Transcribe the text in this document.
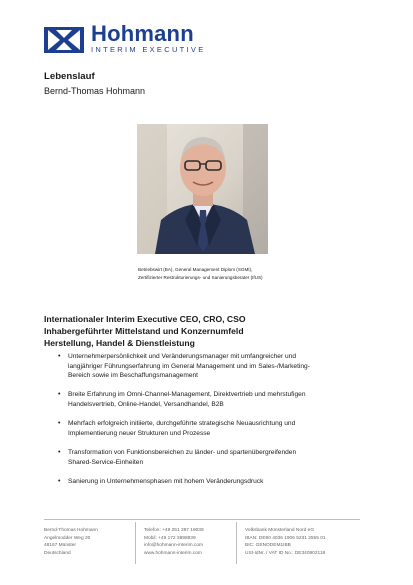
Hohmann
INTERIM EXECUTIVE
Lebenslauf
Bernd-Thomas Hohmann
Betriebswirt (BA), General Management Diplom (SGMI),
Zertifizierter Restrukturierungs- und Sanierungsberater (IfUS)
Internationaler Interim Executive CEO, CRO, CSO
Inhabergeführter Mittelstand und Konzernumfeld
Herstellung, Handel & Dienstleistung
• Unternehmerpersönlichkeit und Veränderungsmanager mit umfangreicher und
langjähriger Führungserfahrung im General Management und im Sales-/Marketing-
Bereich sowie im Beschaffungsmanagement
• Breite Erfahrung im Omni-Channel-Management, Direktvertrieb und mehrstufigen
Handelsvertrieb, Online-Handel, Versandhandel, B2B
• Mehrfach erfolgreich initiierte, durchgeführte strategische Neuausrichtung und
Implementierung neuer Strukturen und Prozesse
• Transformation von Funktionsbereichen zu länder- und spartenübergreifenden
Shared-Service-Einheiten
• Sanierung in Unternehmensphasen mit hohem Veränderungsdruck
Bernd-Thomas Hohmann
Angelmodder Weg 20
48167 Münster
Deutschland
Telefon: +49 251 287 19039
Mobil: +49 172 3898939
info@hohmann-interim.com
www.hohmann-interim.com
Volksbank Münsterland Nord eG
IBAN: DE90 4036 1906 5231 2555 01
BIC: GENODEM1IBB
USt-IdNr. / VAT ID No.: DE340802118
